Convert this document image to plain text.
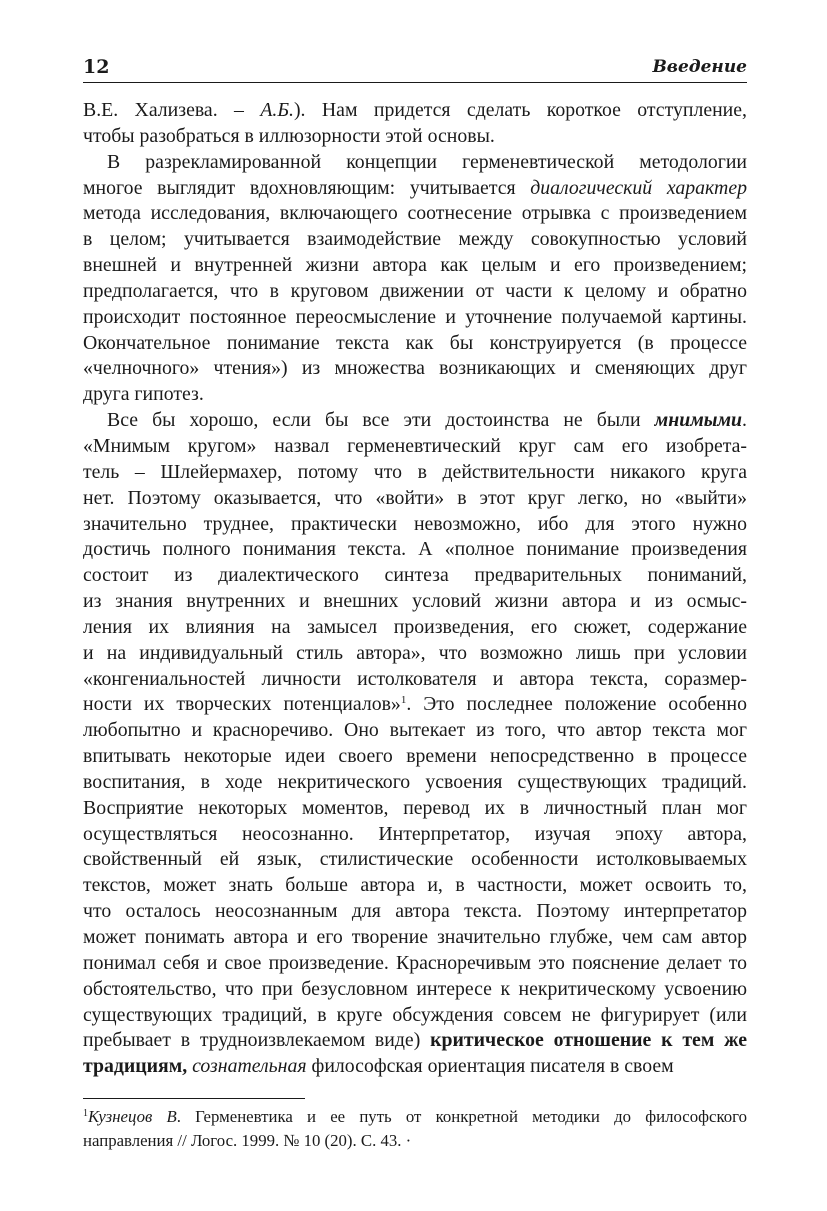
12	Введение
В.Е. Хализева. – А.Б.). Нам придется сделать короткое отступление,
чтобы разобраться в иллюзорности этой основы.
В разрекламированной концепции герменевтической методологии
многое выглядит вдохновляющим: учитывается диалогический характер
метода исследования, включающего соотнесение отрывка с произведением
в целом; учитывается взаимодействие между совокупностью условий
внешней и внутренней жизни автора как целым и его произведением;
предполагается, что в круговом движении от части к целому и обратно
происходит постоянное переосмысление и уточнение получаемой картины.
Окончательное понимание текста как бы конструируется (в процессе
«челночного» чтения») из множества возникающих и сменяющих друг
друга гипотез.
Все бы хорошо, если бы все эти достоинства не были мнимыми.
«Мнимым кругом» назвал герменевтический круг сам его изобрета-
тель – Шлейермахер, потому что в действительности никакого круга
нет. Поэтому оказывается, что «войти» в этот круг легко, но «выйти»
значительно труднее, практически невозможно, ибо для этого нужно
достичь полного понимания текста. А «полное понимание произведения
состоит из диалектического синтеза предварительных пониманий,
из знания внутренних и внешних условий жизни автора и из осмыс-
ления их влияния на замысел произведения, его сюжет, содержание
и на индивидуальный стиль автора», что возможно лишь при условии
«конгениальностей личности истолкователя и автора текста, соразмер-
ности их творческих потенциалов»$^1$. Это последнее положение особенно
любопытно и красноречиво. Оно вытекает из того, что автор текста мог
впитывать некоторые идеи своего времени непосредственно в процессе
воспитания, в ходе некритического усвоения существующих традиций.
Восприятие некоторых моментов, перевод их в личностный план мог
осуществляться неосознанно. Интерпретатор, изучая эпоху автора,
свойственный ей язык, стилистические особенности истолковываемых
текстов, может знать больше автора и, в частности, может освоить то,
что осталось неосознанным для автора текста. Поэтому интерпретатор
может понимать автора и его творение значительно глубже, чем сам автор
понимал себя и свое произведение. Красноречивым это пояснение делает то
обстоятельство, что при безусловном интересе к некритическому усвоению
существующих традиций, в круге обсуждения совсем не фигурирует (или
пребывает в трудноизвлекаемом виде) критическое отношение к тем же
традициям, сознательная философская ориентация писателя в своем
$^1$Кузнецов В. Герменевтика и ее путь от конкретной методики до философского
направления // Логос. 1999. № 10 (20). С. 43. ·
